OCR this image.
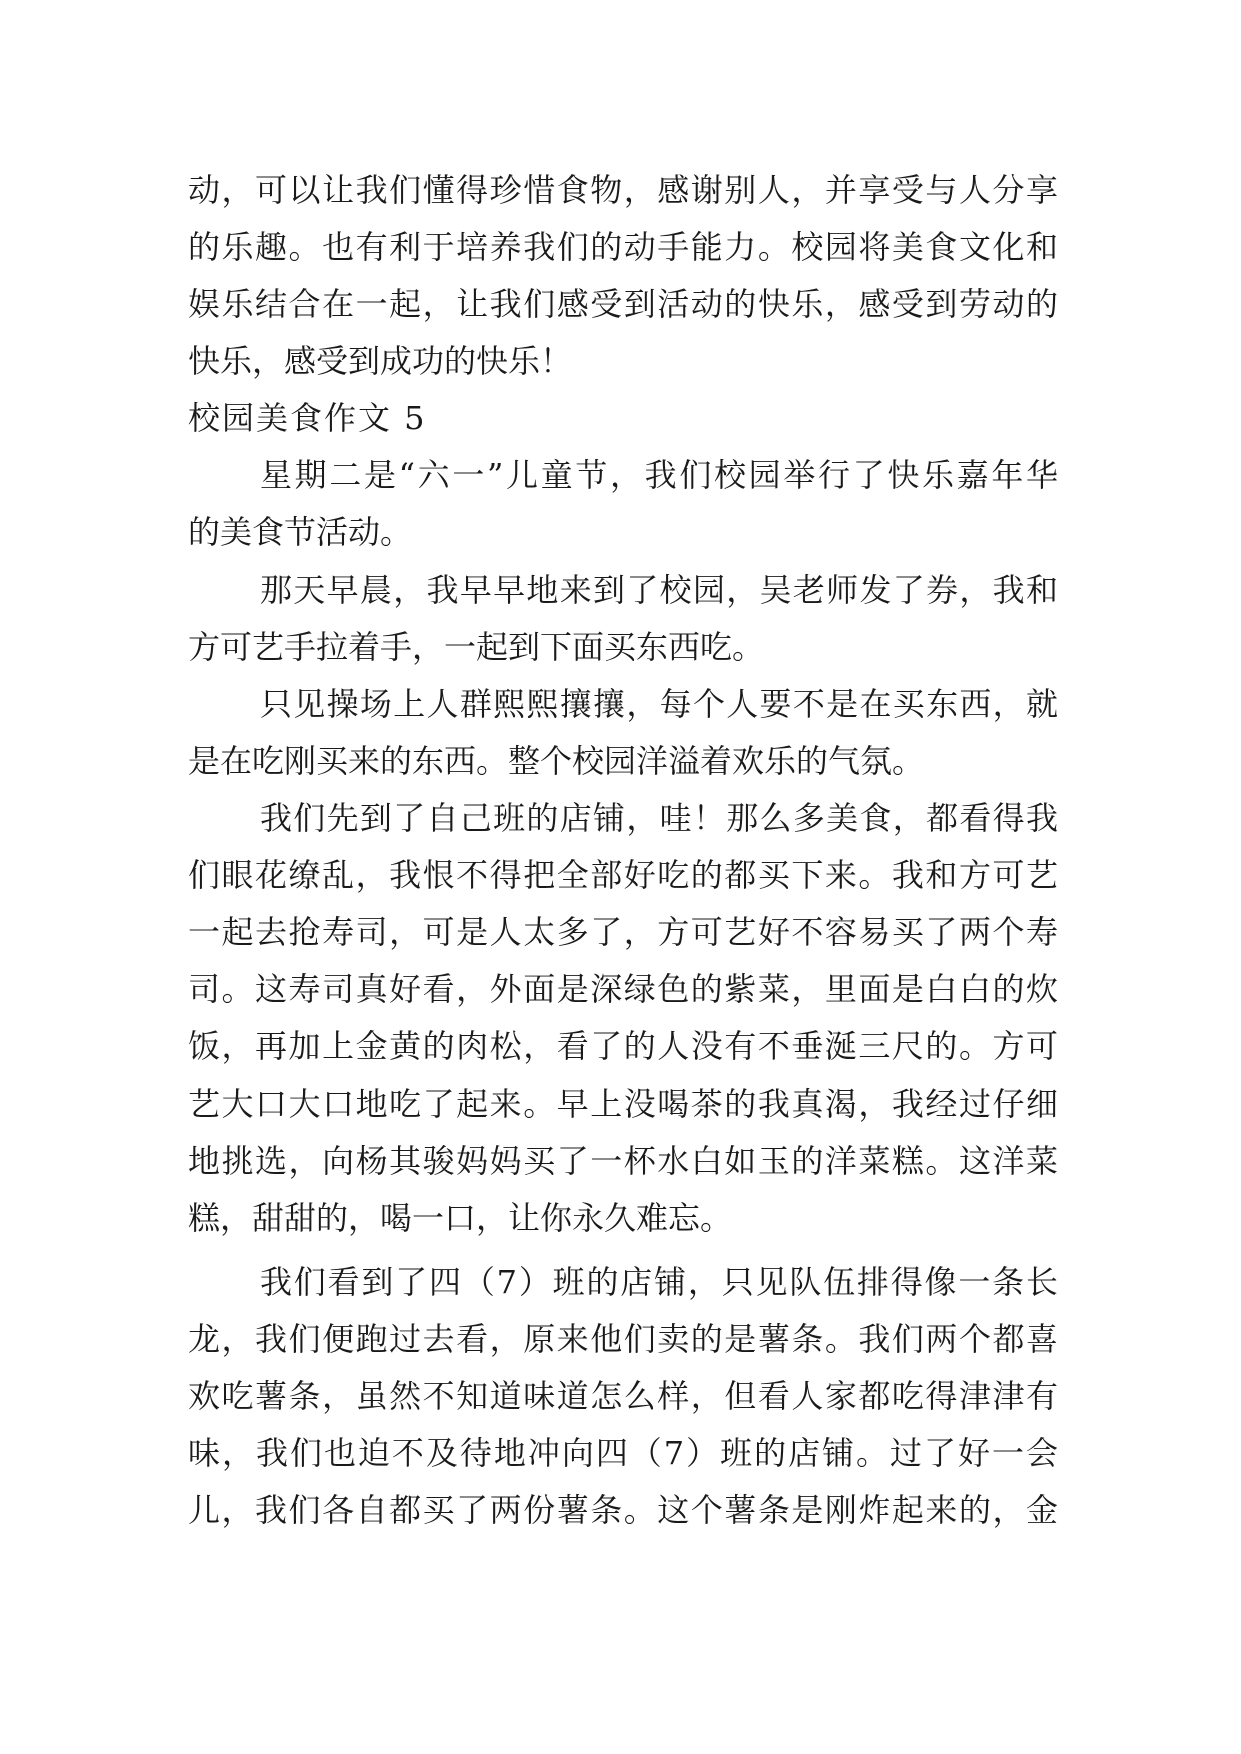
动，可以让我们懂得珍惜食物，感谢别人，并享受与人分享
的乐趣。也有利于培养我们的动手能力。校园将美食文化和
娱乐结合在一起，让我们感受到活动的快乐，感受到劳动的
快乐，感受到成功的快乐！
校园美食作文 5
星期二是“六一”儿童节，我们校园举行了快乐嘉年华
的美食节活动。
那天早晨，我早早地来到了校园，吴老师发了券，我和
方可艺手拉着手，一起到下面买东西吃。
只见操场上人群熙熙攘攘，每个人要不是在买东西，就
是在吃刚买来的东西。整个校园洋溢着欢乐的气氛。
我们先到了自己班的店铺，哇！那么多美食，都看得我
们眼花缭乱，我恨不得把全部好吃的都买下来。我和方可艺
一起去抢寿司，可是人太多了，方可艺好不容易买了两个寿
司。这寿司真好看，外面是深绿色的紫菜，里面是白白的炊
饭，再加上金黄的肉松，看了的人没有不垂涎三尺的。方可
艺大口大口地吃了起来。早上没喝茶的我真渴，我经过仔细
地挑选，向杨其骏妈妈买了一杯水白如玉的洋菜糕。这洋菜
糕，甜甜的，喝一口，让你永久难忘。
我们看到了四（7）班的店铺，只见队伍排得像一条长
龙，我们便跑过去看，原来他们卖的是薯条。我们两个都喜
欢吃薯条，虽然不知道味道怎么样，但看人家都吃得津津有
味，我们也迫不及待地冲向四（7）班的店铺。过了好一会
儿，我们各自都买了两份薯条。这个薯条是刚炸起来的，金
